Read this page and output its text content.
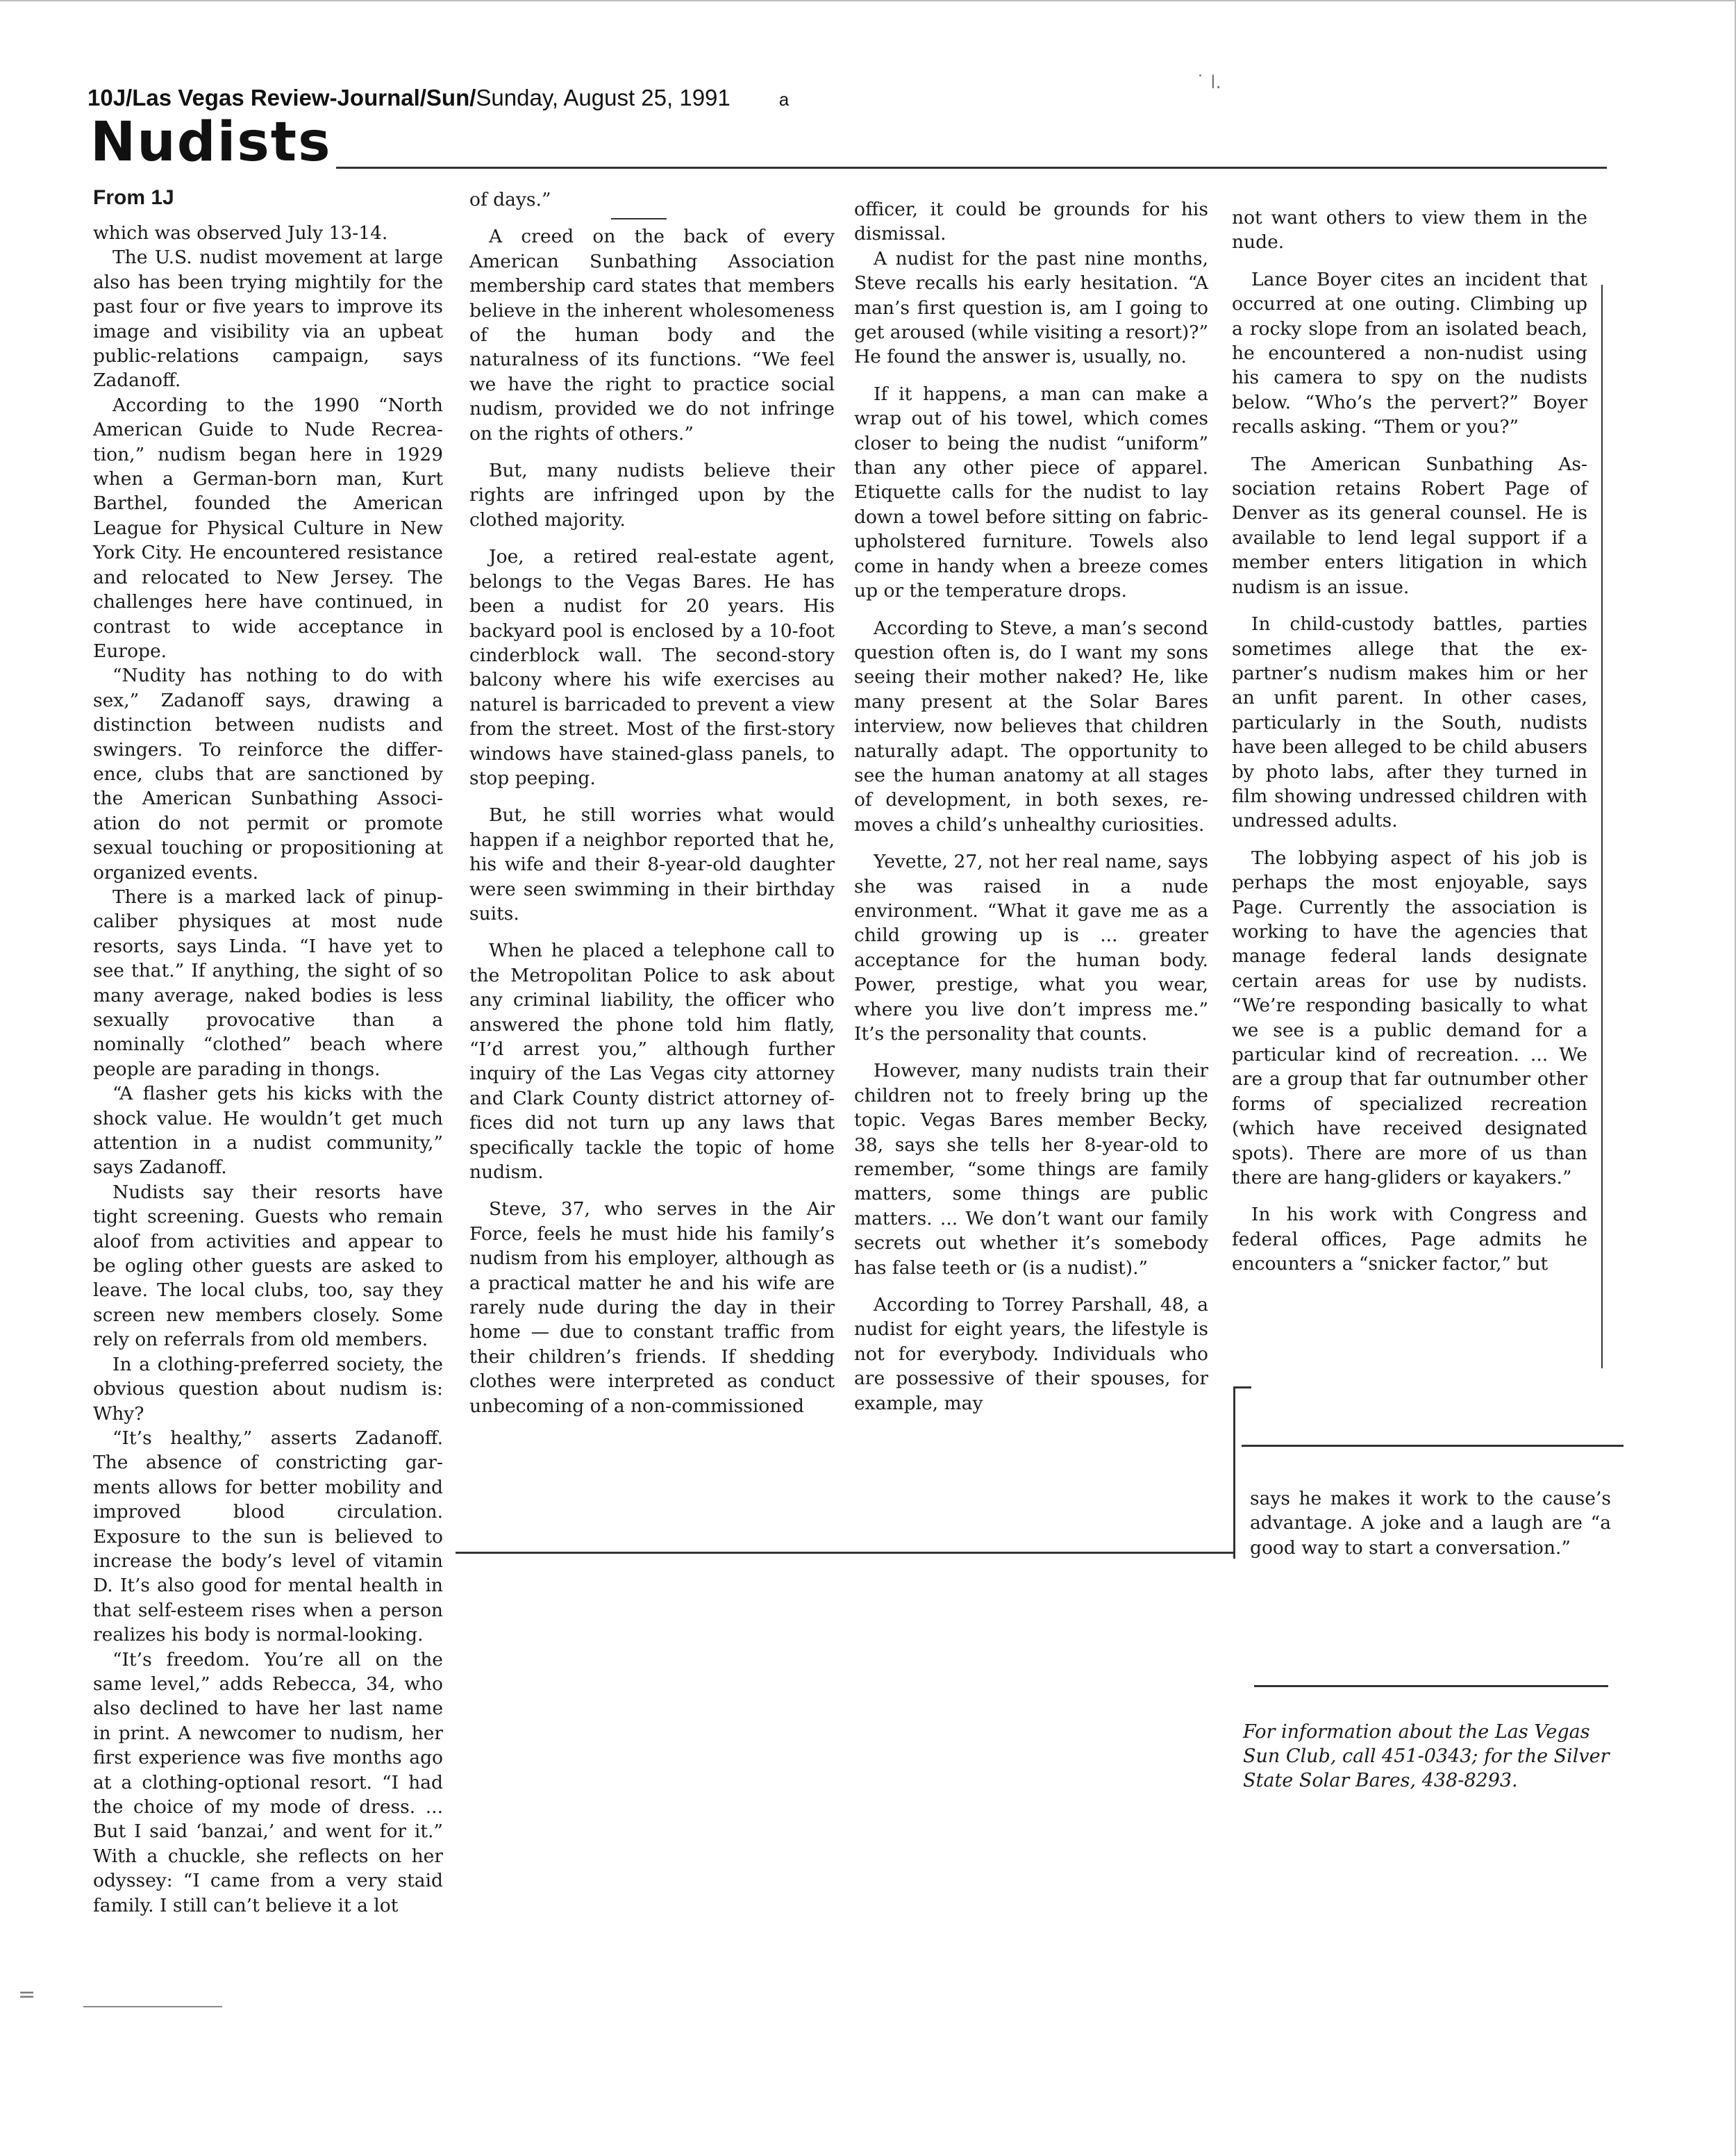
10J/Las Vegas Review-Journal/Sun/Sunday, August 25, 1991	a
Nudists
From 1J

which was observed July 13-14.

The U.S. nudist movement at large also has been trying mightily for the past four or five years to improve its image and visibility via an upbeat public-relations campaign, says Zadanoff.

According to the 1990 “North American Guide to Nude Recreation,” nudism began here in 1929 when a German-born man, Kurt Barthel, founded the American League for Physical Culture in New York City. He encountered resistance and relocated to New Jersey. The challenges here have continued, in contrast to wide acceptance in Europe.

“Nudity has nothing to do with sex,” Zadanoff says, drawing a distinction between nudists and swingers. To reinforce the difference, clubs that are sanctioned by the American Sunbathing Association do not permit or promote sexual touching or propositioning at organized events.

There is a marked lack of pinup-caliber physiques at most nude resorts, says Linda. “I have yet to see that.” If anything, the sight of so many average, naked bodies is less sexually provocative than a nominally “clothed” beach where people are parading in thongs.

“A flasher gets his kicks with the shock value. He wouldn’t get much attention in a nudist community,” says Zadanoff.

Nudists say their resorts have tight screening. Guests who remain aloof from activities and appear to be ogling other guests are asked to leave. The local clubs, too, say they screen new members closely. Some rely on referrals from old members.

In a clothing-preferred society, the obvious question about nudism is: Why?

“It’s healthy,” asserts Zadanoff. The absence of constricting garments allows for better mobility and improved blood circulation. Exposure to the sun is believed to increase the body’s level of vitamin D. It’s also good for mental health in that self-esteem rises when a person realizes his body is normal-looking.

“It’s freedom. You’re all on the same level,” adds Rebecca, 34, who also declined to have her last name in print. A newcomer to nudism, her first experience was five months ago at a clothing-optional resort. “I had the choice of my mode of dress. ... But I said ‘banzai,’ and went for it.” With a chuckle, she reflects on her odyssey: “I came from a very staid family. I still can’t believe it a lot

of days.”

A creed on the back of every American Sunbathing Association membership card states that members believe in the inherent wholesomeness of the human body and the naturalness of its functions. “We feel we have the right to practice social nudism, provided we do not infringe on the rights of others.”

But, many nudists believe their rights are infringed upon by the clothed majority.

Joe, a retired real-estate agent, belongs to the Vegas Bares. He has been a nudist for 20 years. His backyard pool is enclosed by a 10-foot cinderblock wall. The second-story balcony where his wife exercises au naturel is barricaded to prevent a view from the street. Most of the first-story windows have stained-glass panels, to stop peeping.

But, he still worries what would happen if a neighbor reported that he, his wife and their 8-year-old daughter were seen swimming in their birthday suits.

When he placed a telephone call to the Metropolitan Police to ask about any criminal liability, the officer who answered the phone told him flatly, “I’d arrest you,” although further inquiry of the Las Vegas city attorney and Clark County district attorney offices did not turn up any laws that specifically tackle the topic of home nudism.

Steve, 37, who serves in the Air Force, feels he must hide his family’s nudism from his employer, although as a practical matter he and his wife are rarely nude during the day in their home — due to constant traffic from their children’s friends. If shedding clothes were interpreted as conduct unbecoming of a non-commissioned

officer, it could be grounds for his dismissal.

A nudist for the past nine months, Steve recalls his early hesitation. “A man’s first question is, am I going to get aroused (while visiting a resort)?” He found the answer is, usually, no.

If it happens, a man can make a wrap out of his towel, which comes closer to being the nudist “uniform” than any other piece of apparel. Etiquette calls for the nudist to lay down a towel before sitting on fabric-upholstered furniture. Towels also come in handy when a breeze comes up or the temperature drops.

According to Steve, a man’s second question often is, do I want my sons seeing their mother naked? He, like many present at the Solar Bares interview, now believes that children naturally adapt. The opportunity to see the human anatomy at all stages of development, in both sexes, removes a child’s unhealthy curiosities.

Yevette, 27, not her real name, says she was raised in a nude environment. “What it gave me as a child growing up is ... greater acceptance for the human body. Power, prestige, what you wear, where you live don’t impress me.” It’s the personality that counts.

However, many nudists train their children not to freely bring up the topic. Vegas Bares member Becky, 38, says she tells her 8-year-old to remember, “some things are family matters, some things are public matters. ... We don’t want our family secrets out whether it’s somebody has false teeth or (is a nudist).”

According to Torrey Parshall, 48, a nudist for eight years, the lifestyle is not for everybody. Individuals who are possessive of their spouses, for example, may

not want others to view them in the nude.

Lance Boyer cites an incident that occurred at one outing. Climbing up a rocky slope from an isolated beach, he encountered a non-nudist using his camera to spy on the nudists below. “Who’s the pervert?” Boyer recalls asking. “Them or you?”

The American Sunbathing Association retains Robert Page of Denver as its general counsel. He is available to lend legal support if a member enters litigation in which nudism is an issue.

In child-custody battles, parties sometimes allege that the ex-partner’s nudism makes him or her an unfit parent. In other cases, particularly in the South, nudists have been alleged to be child abusers by photo labs, after they turned in film showing undressed children with undressed adults.

The lobbying aspect of his job is perhaps the most enjoyable, says Page. Currently the association is working to have the agencies that manage federal lands designate certain areas for use by nudists. “We’re responding basically to what we see is a public demand for a particular kind of recreation. ... We are a group that far outnumber other forms of specialized recreation (which have received designated spots). There are more of us than there are hang-gliders or kayakers.”

In his work with Congress and federal offices, Page admits he encounters a “snicker factor,” but

says he makes it work to the cause’s advantage. A joke and a laugh are “a good way to start a conversation.”

For information about the Las Vegas Sun Club, call 451-0343; for the Silver State Solar Bares, 438-8293.
˙ l.
=
